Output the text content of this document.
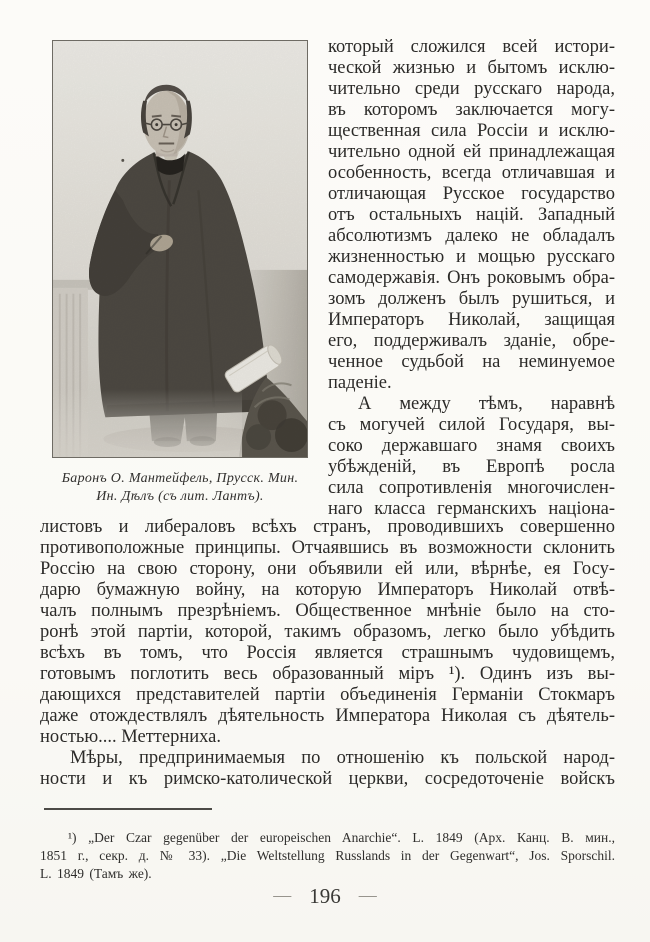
Баронъ О. Мантейфель, Прусск. Мин.
Ин. Дѣлъ (съ лит. Лантъ).
который сложился всей истори-
ческой жизнью и бытомъ исклю-
чительно среди русскаго народа,
въ которомъ заключается могу-
щественная сила Россіи и исклю-
чительно одной ей принадлежащая
особенность, всегда отличавшая и
отличающая Русское государство
отъ остальныхъ націй. Западный
абсолютизмъ далеко не обладалъ
жизненностью и мощью русскаго
самодержавія. Онъ роковымъ обра-
зомъ долженъ былъ рушиться, и
Императоръ Николай, защищая
его, поддерживалъ зданіе, обре-
ченное судьбой на неминуемое
паденіе.
А между тѣмъ, наравнѣ
съ могучей силой Государя, вы-
соко державшаго знамя своихъ
убѣжденій, въ Европѣ росла
сила сопротивленія многочислен-
наго класса германскихъ націона-
листовъ и либераловъ всѣхъ странъ, проводившихъ совершенно
противоположные принципы. Отчаявшись въ возможности склонить
Россію на свою сторону, они объявили ей или, вѣрнѣе, ея Госу-
дарю бумажную войну, на которую Императоръ Николай отвѣ-
чалъ полнымъ презрѣніемъ. Общественное мнѣніе было на сто-
ронѣ этой партіи, которой, такимъ образомъ, легко было убѣдить
всѣхъ въ томъ, что Россія является страшнымъ чудовищемъ,
готовымъ поглотить весь образованный міръ ¹). Одинъ изъ вы-
дающихся представителей партіи объединенія Германіи Стокмаръ
даже отождествлялъ дѣятельность Императора Николая съ дѣятель-
ностью.... Меттерниха.
Мѣры, предпринимаемыя по отношенію къ польской народ-
ности и къ римско-католической церкви, сосредоточеніе войскъ
¹) „Der Czar gegenüber der europeischen Anarchie“. L. 1849 (Арх. Канц. В. мин.,
1851 г., секр. д. № 33). „Die Weltstellung Russlands in der Gegenwart“, Jos. Sporschil.
L. 1849 (Тамъ же).
— 196 —
